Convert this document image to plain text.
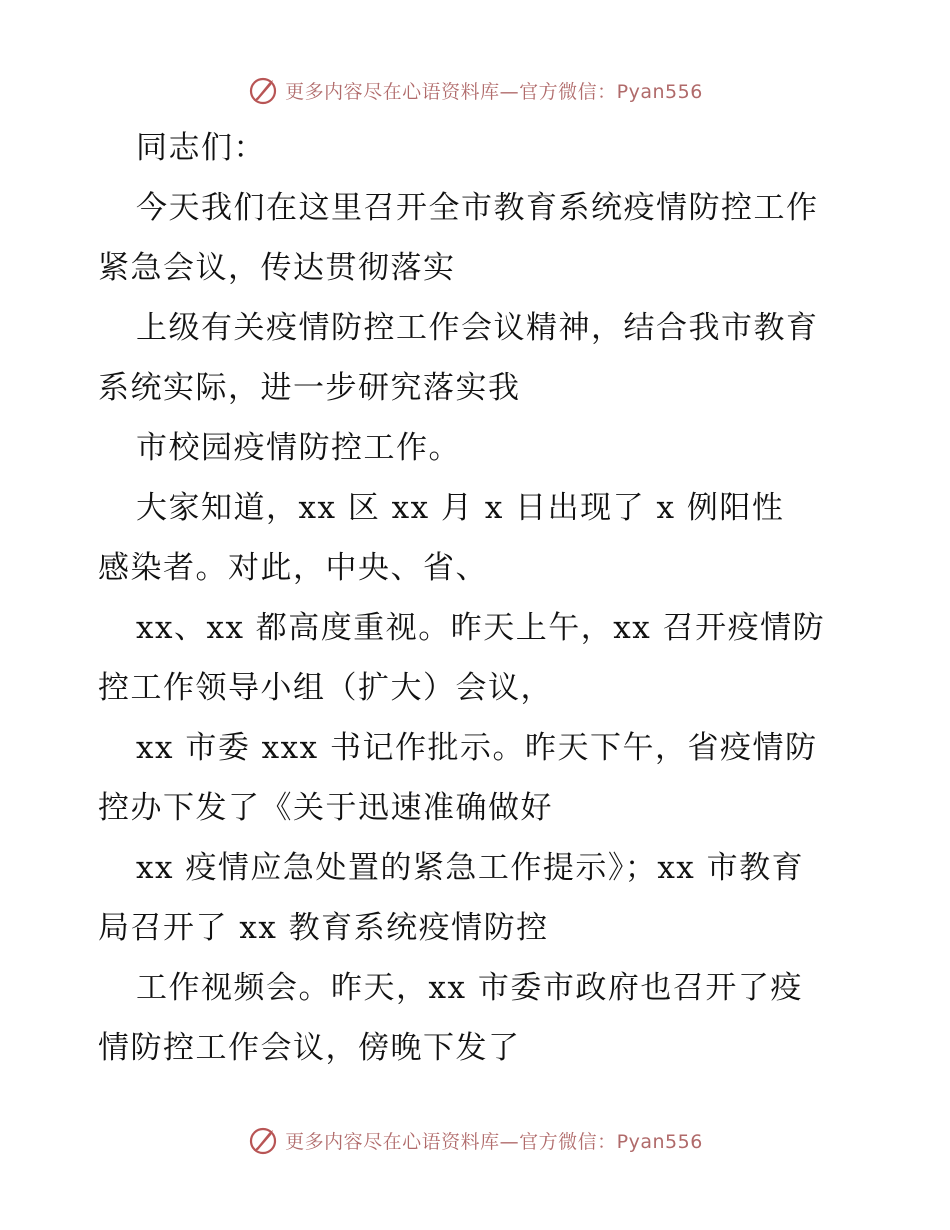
更多内容尽在心语资料库—官方微信：Pyan556
同志们：
今天我们在这里召开全市教育系统疫情防控工作
紧急会议，传达贯彻落实
上级有关疫情防控工作会议精神，结合我市教育
系统实际，进一步研究落实我
市校园疫情防控工作。
大家知道，xx 区 xx 月 x 日出现了 x 例阳性
感染者。对此，中央、省、
xx、xx 都高度重视。昨天上午，xx 召开疫情防
控工作领导小组（扩大）会议，
xx 市委 xxx 书记作批示。昨天下午，省疫情防
控办下发了《关于迅速准确做好
xx 疫情应急处置的紧急工作提示》；xx 市教育
局召开了 xx 教育系统疫情防控
工作视频会。昨天，xx 市委市政府也召开了疫
情防控工作会议，傍晚下发了
更多内容尽在心语资料库—官方微信：Pyan556
